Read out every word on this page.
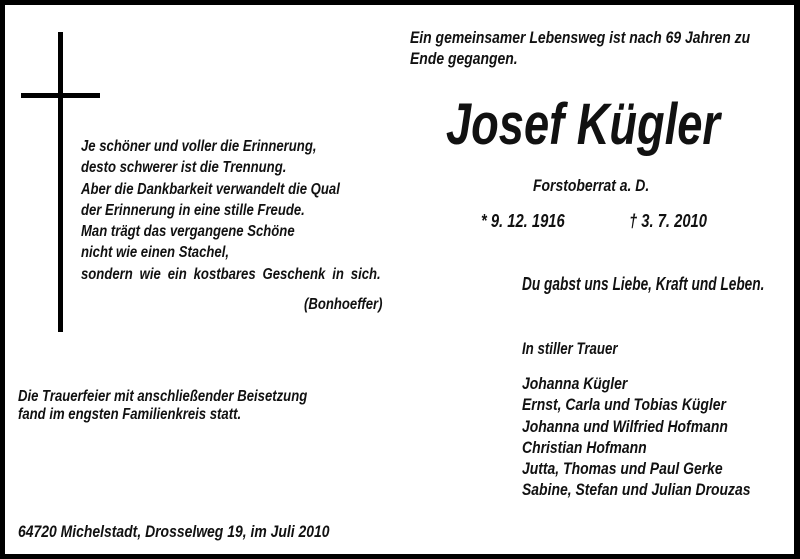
Ein gemeinsamer Lebensweg ist nach 69 Jahren zu
Ende gegangen.
Josef Kügler
Forstoberrat a. D.
* 9. 12. 1916	† 3. 7. 2010
Je schöner und voller die Erinnerung,
desto schwerer ist die Trennung.
Aber die Dankbarkeit verwandelt die Qual
der Erinnerung in eine stille Freude.
Man trägt das vergangene Schöne
nicht wie einen Stachel,
sondern wie ein kostbares Geschenk in sich.
(Bonhoeffer)
Du gabst uns Liebe, Kraft und Leben.
In stiller Trauer
Johanna Kügler
Ernst, Carla und Tobias Kügler
Johanna und Wilfried Hofmann
Christian Hofmann
Jutta, Thomas und Paul Gerke
Sabine, Stefan und Julian Drouzas
Die Trauerfeier mit anschließender Beisetzung
fand im engsten Familienkreis statt.
64720 Michelstadt, Drosselweg 19, im Juli 2010
